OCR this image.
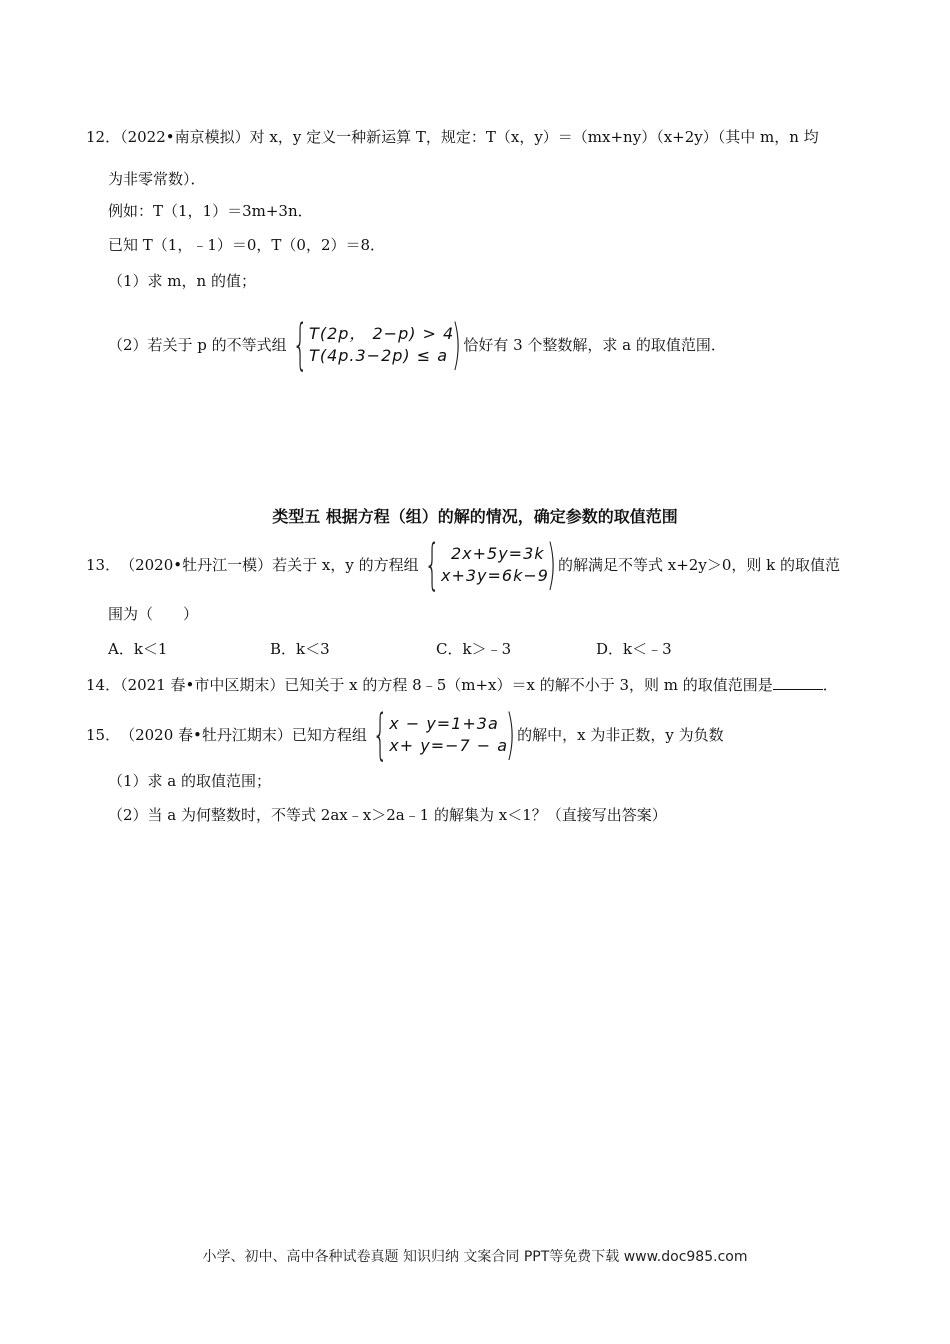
12．（2022•南京模拟）对 x，y 定义一种新运算 T，规定：T（x，y）＝（mx+ny）（x+2y）（其中 m，n 均
为非零常数）．
例如：T（1，1）＝3m+3n．
已知 T（1，﹣1）＝0，T（0，2）＝8．
（1）求 m，n 的值；
（2）若关于 p 的不等式组 { T(2p， 2−p) > 4
T(4p.3−2p) ≤ a ) 恰好有 3 个整数解，求 a 的取值范围．
类型五 根据方程（组）的解的情况，确定参数的取值范围
13． （2020•牡丹江一模） 若关于 x，y 的方程组 { 2x+5y=3k
x+3y=6k−9
) 的解满足不等式 x+2y＞0，则 k 的取值范
围为（　　）
A．k＜1	B．k＜3	C．k＞﹣3	D．k＜﹣3
14．（2021 春•市中区期末）已知关于 x 的方程 8﹣5（m+x）＝x 的解不小于 3，则 m 的取值范围是	．
15． （2020 春•牡丹江期末） 已知方程组 { x − y=1+3a
x+ y=−7 − a
) 的解中，x 为非正数，y 为负数
（1）求 a 的取值范围；
（2）当 a 为何整数时，不等式 2ax﹣x＞2a﹣1 的解集为 x＜1？（直接写出答案）
小学、初中、高中各种试卷真题 知识归纳 文案合同 PPT等免费下载 www.doc985.com
